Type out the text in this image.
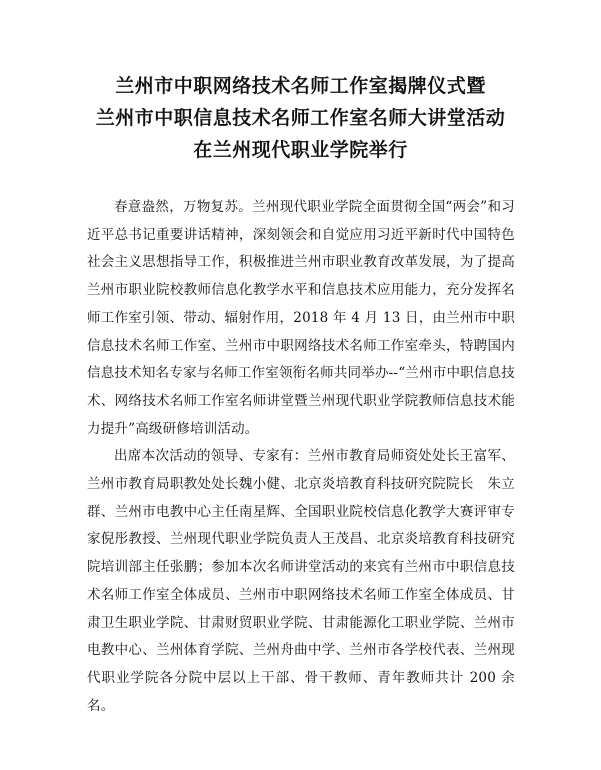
兰州市中职网络技术名师工作室揭牌仪式暨
兰州市中职信息技术名师工作室名师大讲堂活动
在兰州现代职业学院举行

春意盎然，万物复苏。兰州现代职业学院全面贯彻全国“两会”和习近平总书记重要讲话精神，深刻领会和自觉应用习近平新时代中国特色社会主义思想指导工作，积极推进兰州市职业教育改革发展，为了提高兰州市职业院校教师信息化教学水平和信息技术应用能力，充分发挥名师工作室引领、带动、辐射作用，2018 年 4 月 13 日，由兰州市中职信息技术名师工作室、兰州市中职网络技术名师工作室牵头，特聘国内信息技术知名专家与名师工作室领衔名师共同举办--“兰州市中职信息技术、网络技术名师工作室名师讲堂暨兰州现代职业学院教师信息技术能力提升”高级研修培训活动。

出席本次活动的领导、专家有：兰州市教育局师资处处长王富军、兰州市教育局职教处处长魏小健、北京炎培教育科技研究院院长　朱立群、兰州市电教中心主任南星辉、全国职业院校信息化教学大赛评审专家倪彤教授、兰州现代职业学院负责人王茂昌、北京炎培教育科技研究院培训部主任张鹏；参加本次名师讲堂活动的来宾有兰州市中职信息技术名师工作室全体成员、兰州市中职网络技术名师工作室全体成员、甘肃卫生职业学院、甘肃财贸职业学院、甘肃能源化工职业学院、兰州市电教中心、兰州体育学院、兰州舟曲中学、兰州市各学校代表、兰州现代职业学院各分院中层以上干部、骨干教师、青年教师共计 200 余名。
